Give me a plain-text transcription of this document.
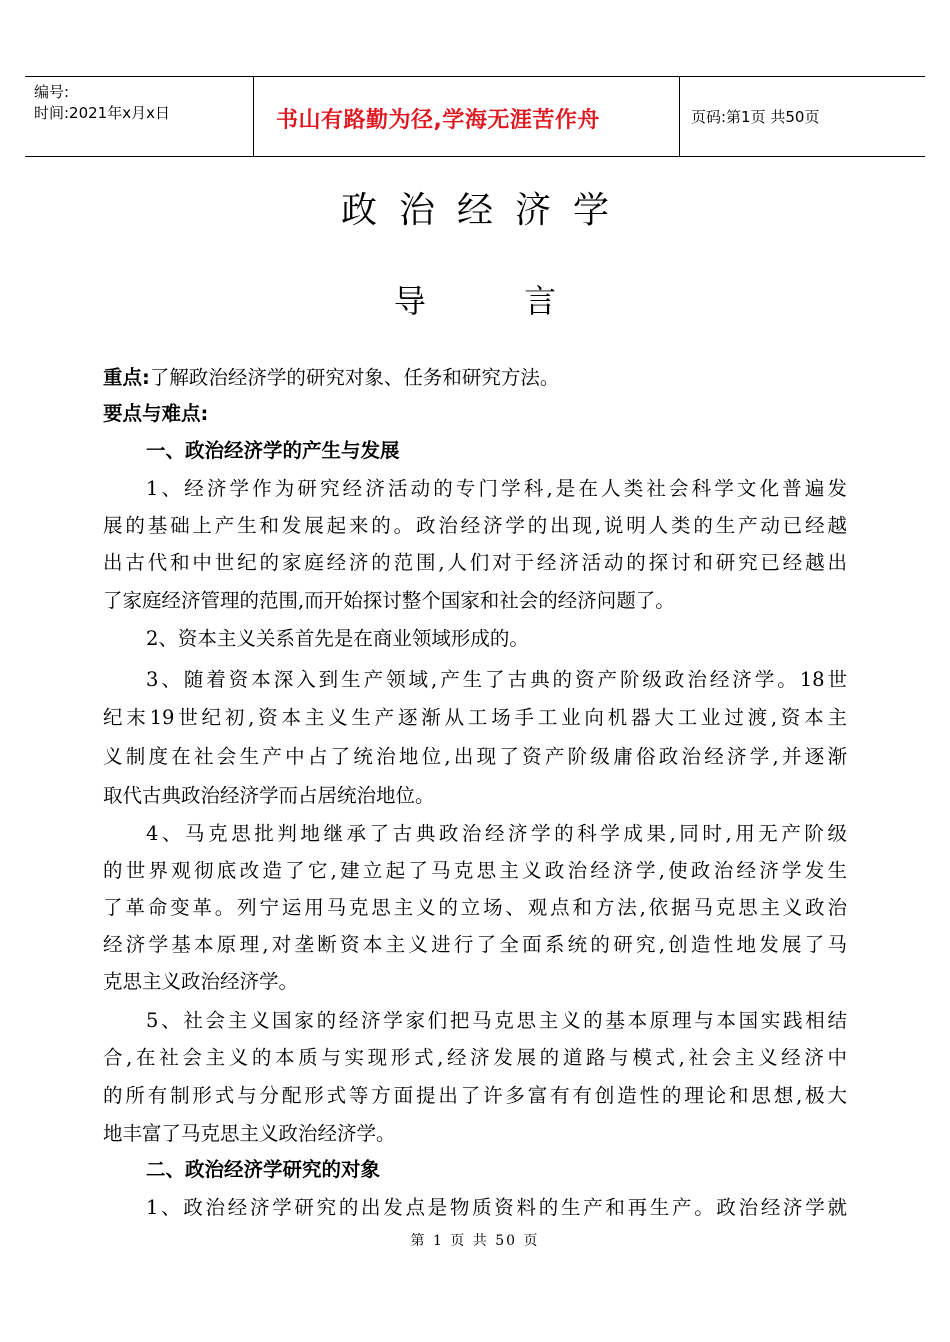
编号:
时间:2021年x月x日	书山有路勤为径,学海无涯苦作舟	页码:第1页 共50页
政治经济学
导 言
重点:了解政治经济学的研究对象、任务和研究方法。
要点与难点:
一、政治经济学的产生与发展
1、经济学作为研究经济活动的专门学科,是在人类社会科学文化普遍发
展的基础上产生和发展起来的。政治经济学的出现,说明人类的生产动已经越
出古代和中世纪的家庭经济的范围,人们对于经济活动的探讨和研究已经越出
了家庭经济管理的范围,而开始探讨整个国家和社会的经济问题了。
2、资本主义关系首先是在商业领域形成的。
3、随着资本深入到生产领域,产生了古典的资产阶级政治经济学。18世
纪末19世纪初,资本主义生产逐渐从工场手工业向机器大工业过渡,资本主
义制度在社会生产中占了统治地位,出现了资产阶级庸俗政治经济学,并逐渐
取代古典政治经济学而占居统治地位。
4、马克思批判地继承了古典政治经济学的科学成果,同时,用无产阶级
的世界观彻底改造了它,建立起了马克思主义政治经济学,使政治经济学发生
了革命变革。列宁运用马克思主义的立场、观点和方法,依据马克思主义政治
经济学基本原理,对垄断资本主义进行了全面系统的研究,创造性地发展了马
克思主义政治经济学。
5、社会主义国家的经济学家们把马克思主义的基本原理与本国实践相结
合,在社会主义的本质与实现形式,经济发展的道路与模式,社会主义经济中
的所有制形式与分配形式等方面提出了许多富有有创造性的理论和思想,极大
地丰富了马克思主义政治经济学。
二、政治经济学研究的对象
1、政治经济学研究的出发点是物质资料的生产和再生产。政治经济学就
第 1 页 共 50 页
